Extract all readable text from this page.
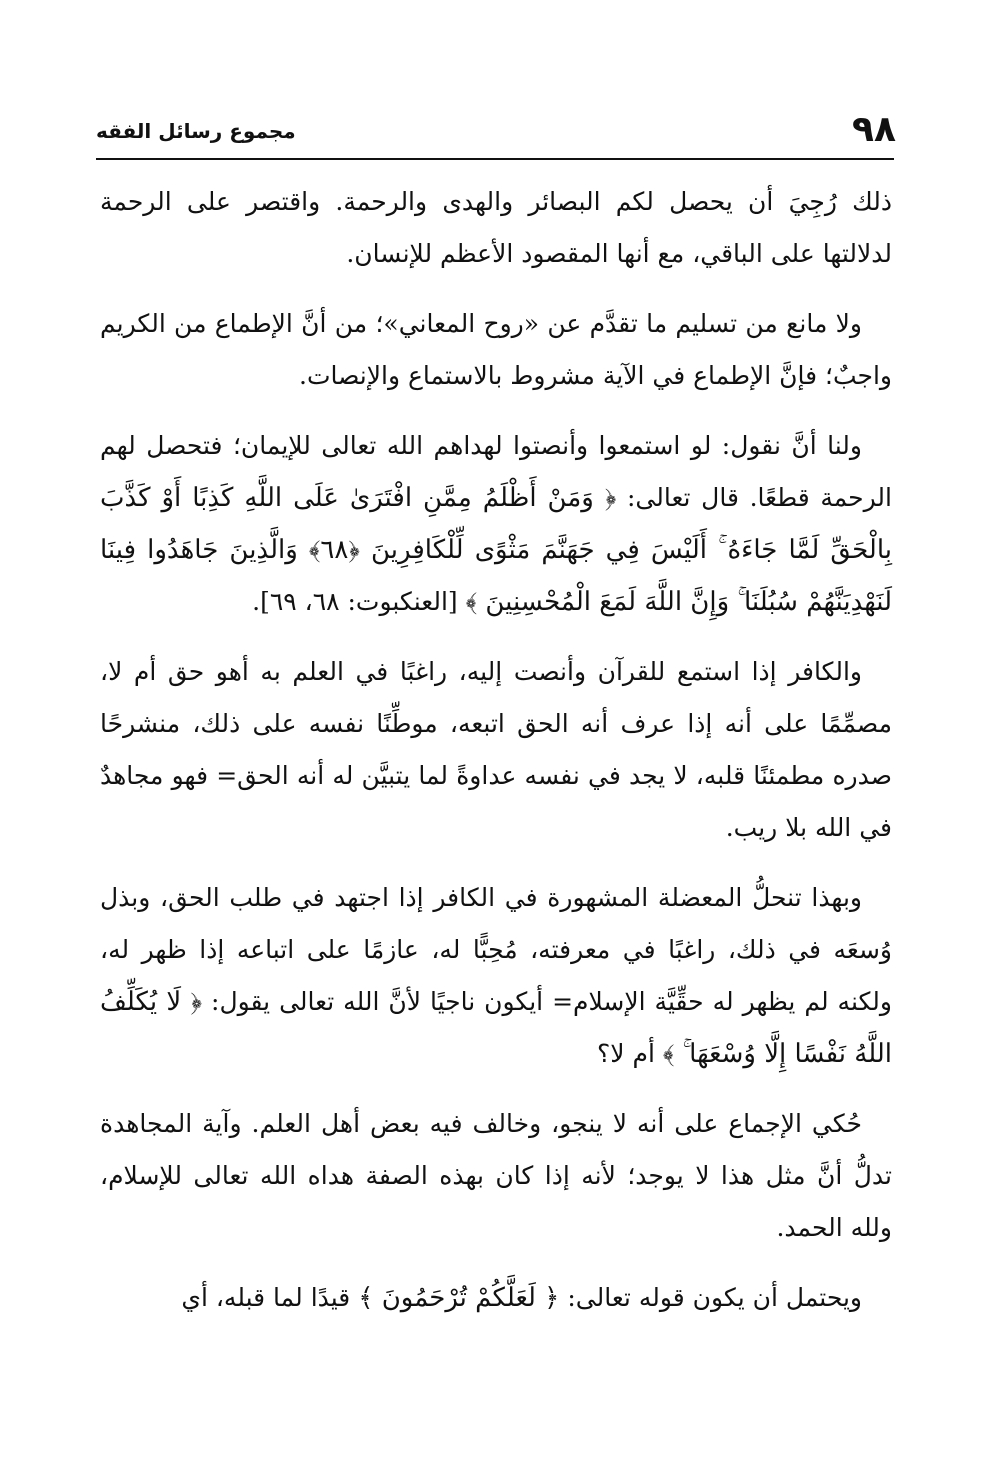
٩٨
مجموع رسائل الفقه

ذلك رُجِيَ أن يحصل لكم البصائر والهدى والرحمة. واقتصر على الرحمة لدلالتها على الباقي، مع أنها المقصود الأعظم للإنسان.

ولا مانع من تسليم ما تقدَّم عن «روح المعاني»؛ من أنَّ الإطماع من الكريم واجبٌ؛ فإنَّ الإطماع في الآية مشروط بالاستماع والإنصات.

ولنا أنَّ نقول: لو استمعوا وأنصتوا لهداهم الله تعالى للإيمان؛ فتحصل لهم الرحمة قطعًا. قال تعالى: ﴿ وَمَنْ أَظْلَمُ مِمَّنِ افْتَرَىٰ عَلَى اللَّهِ كَذِبًا أَوْ كَذَّبَ بِالْحَقِّ لَمَّا جَاءَهُ ۚ أَلَيْسَ فِي جَهَنَّمَ مَثْوًى لِّلْكَافِرِينَ ﴿٦٨﴾ وَالَّذِينَ جَاهَدُوا فِينَا لَنَهْدِيَنَّهُمْ سُبُلَنَا ۚ وَإِنَّ اللَّهَ لَمَعَ الْمُحْسِنِينَ ﴾ [العنكبوت: ٦٨، ٦٩].

والكافر إذا استمع للقرآن وأنصت إليه، راغبًا في العلم به أهو حق أم لا، مصمِّمًا على أنه إذا عرف أنه الحق اتبعه، موطِّنًا نفسه على ذلك، منشرحًا صدره مطمئنًا قلبه، لا يجد في نفسه عداوةً لما يتبيَّن له أنه الحق= فهو مجاهدٌ في الله بلا ريب.

وبهذا تنحلُّ المعضلة المشهورة في الكافر إذا اجتهد في طلب الحق، وبذل وُسعَه في ذلك، راغبًا في معرفته، مُحِبًّا له، عازمًا على اتباعه إذا ظهر له، ولكنه لم يظهر له حقِّيَّة الإسلام= أيكون ناجيًا لأنَّ الله تعالى يقول: ﴿ لَا يُكَلِّفُ اللَّهُ نَفْسًا إِلَّا وُسْعَهَا ۚ ﴾ أم لا؟

حُكي الإجماع على أنه لا ينجو، وخالف فيه بعض أهل العلم. وآية المجاهدة تدلُّ أنَّ مثل هذا لا يوجد؛ لأنه إذا كان بهذه الصفة هداه الله تعالى للإسلام، ولله الحمد.

ويحتمل أن يكون قوله تعالى: ﴿ لَعَلَّكُمْ تُرْحَمُونَ ﴾ قيدًا لما قبله، أي
